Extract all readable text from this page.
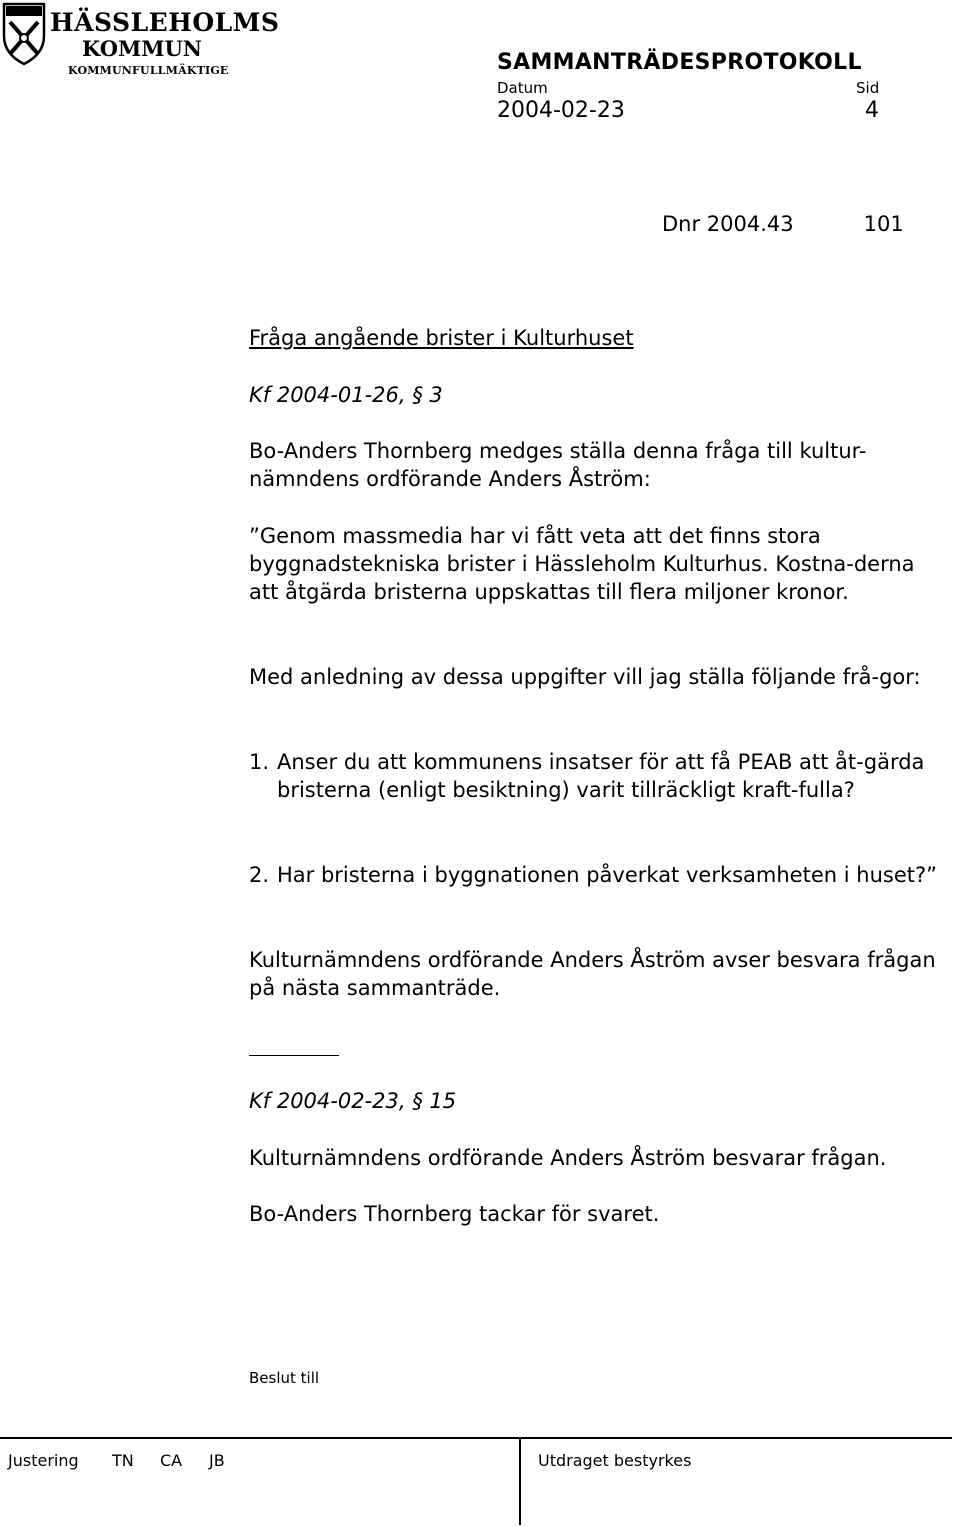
HÄSSLEHOLMS
KOMMUN
KOMMUNFULLMÄKTIGE	SAMMANTRÄDESPROTOKOLL
Datum	Sid
2004-02-23	4
Dnr 2004.43	101

Fråga angående brister i Kulturhuset

Kf 2004-01-26, § 3

Bo-Anders Thornberg medges ställa denna fråga till kultur-nämndens ordförande Anders Åström:

”Genom massmedia har vi fått veta att det finns stora byggnadstekniska brister i Hässleholm Kulturhus. Kostna-derna att åtgärda bristerna uppskattas till flera miljoner kronor.

Med anledning av dessa uppgifter vill jag ställa följande frå-gor:

1. Anser du att kommunens insatser för att få PEAB att åt-gärda bristerna (enligt besiktning) varit tillräckligt kraft-fulla?
2. Har bristerna i byggnationen påverkat verksamheten i huset?”

Kulturnämndens ordförande Anders Åström avser besvara frågan på nästa sammanträde.

Kf 2004-02-23, § 15

Kulturnämndens ordförande Anders Åström besvarar frågan.

Bo-Anders Thornberg tackar för svaret.

Beslut till
Justering TN CA JB	Utdraget bestyrkes
